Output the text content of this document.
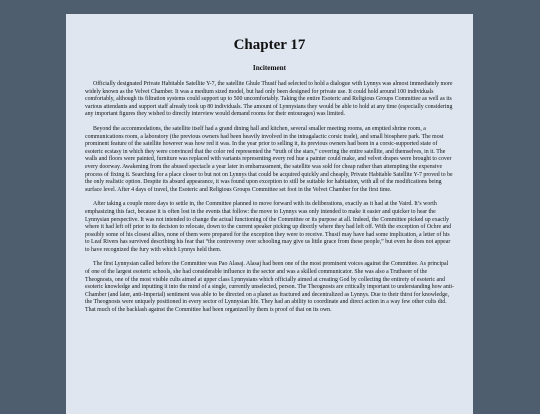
Chapter 17
Incitement

Officially designated Private Habitable Satellite Y-7, the satellite Ghule Thusif had selected to hold a dialogue with Lynnys was almost immediately more widely known as the Velvet Chamber. It was a medium sized model, but had only been designed for private use. It could hold around 100 individuals comfortably, although its filtration systems could support up to 500 uncomfortably. Taking the entire Esoteric and Religious Groups Committee as well as its various attendants and support staff already took up 80 individuals. The amount of Lynnysians they would be able to hold at any time (especially considering any important figures they wished to directly interview would demand rooms for their entourages) was limited.

Beyond the accommodations, the satellite itself had a grand dining hall and kitchen, several smaller meeting rooms, an emptied shrine room, a communications room, a laboratory (the previous owners had been heavily involved in the intragalactic corsic trade), and small biosphere park. The most prominent feature of the satellite however was how red it was. In the year prior to selling it, its previous owners had been in a corsic-supported state of esoteric ecstasy in which they were convinced that the color red represented the “truth of the stars,” covering the entire satellite, and themselves, in it. The walls and floors were painted, furniture was replaced with variants representing every red hue a painter could make, and velvet drapes were brought to cover every doorway. Awakening from the abused spectacle a year later in embarrassment, the satellite was sold for cheap rather than attempting the expensive process of fixing it. Searching for a place closer to but not on Lynnys that could be acquired quickly and cheaply, Private Habitable Satellite Y-7 proved to be the only realistic option. Despite its absurd appearance, it was found upon exception to still be suitable for habitation, with all of the modifications being surface level. After 4 days of travel, the Esoteric and Religious Groups Committee set foot in the Velvet Chamber for the first time.

After taking a couple more days to settle in, the Committee planned to move forward with its deliberations, exactly as it had at the Vaird. It’s worth emphasizing this fact, because it is often lost in the events that follow: the move to Lynnys was only intended to make it easier and quicker to hear the Lynnysian perspective. It was not intended to change the actual functioning of the Committee or its purpose at all. Indeed, the Committee picked up exactly where it had left off prior to its decision to relocate, down to the current speaker picking up directly where they had left off. With the exception of Ochre and possibly some of his closest allies, none of them were prepared for the exception they were to receive. Thusif may have had some implication, a letter of his to Leaf Rivers has survived describing his fear that “the controversy over schooling may give us little grace from these people,” but even he does not appear to have recognized the fury with which Lynnys held them.

The first Lynnysian called before the Committee was Pao Alasaj. Alasaj had been one of the most prominent voices against the Committee. As principal of one of the largest esoteric schools, she had considerable influence in the sector and was a skilled communicator. She was also a Truthseer of the Theognosts, one of the most visible cults aimed at upper class Lynnysians which officially aimed at creating God by collecting the entirety of esoteric and esoteric knowledge and inputting it into the mind of a single, currently unselected, person. The Theognosts are critically important to understanding how anti-Chamber (and later, anti-Imperial) sentiment was able to be directed on a planet as fractured and decentralized as Lynnys. Due to their thirst for knowledge, the Theognosts were uniquely positioned in every sector of Lynnysian life. They had an ability to coordinate and direct action in a way few other cults did. That much of the backlash against the Committee had been organized by them is proof of that on its own.
